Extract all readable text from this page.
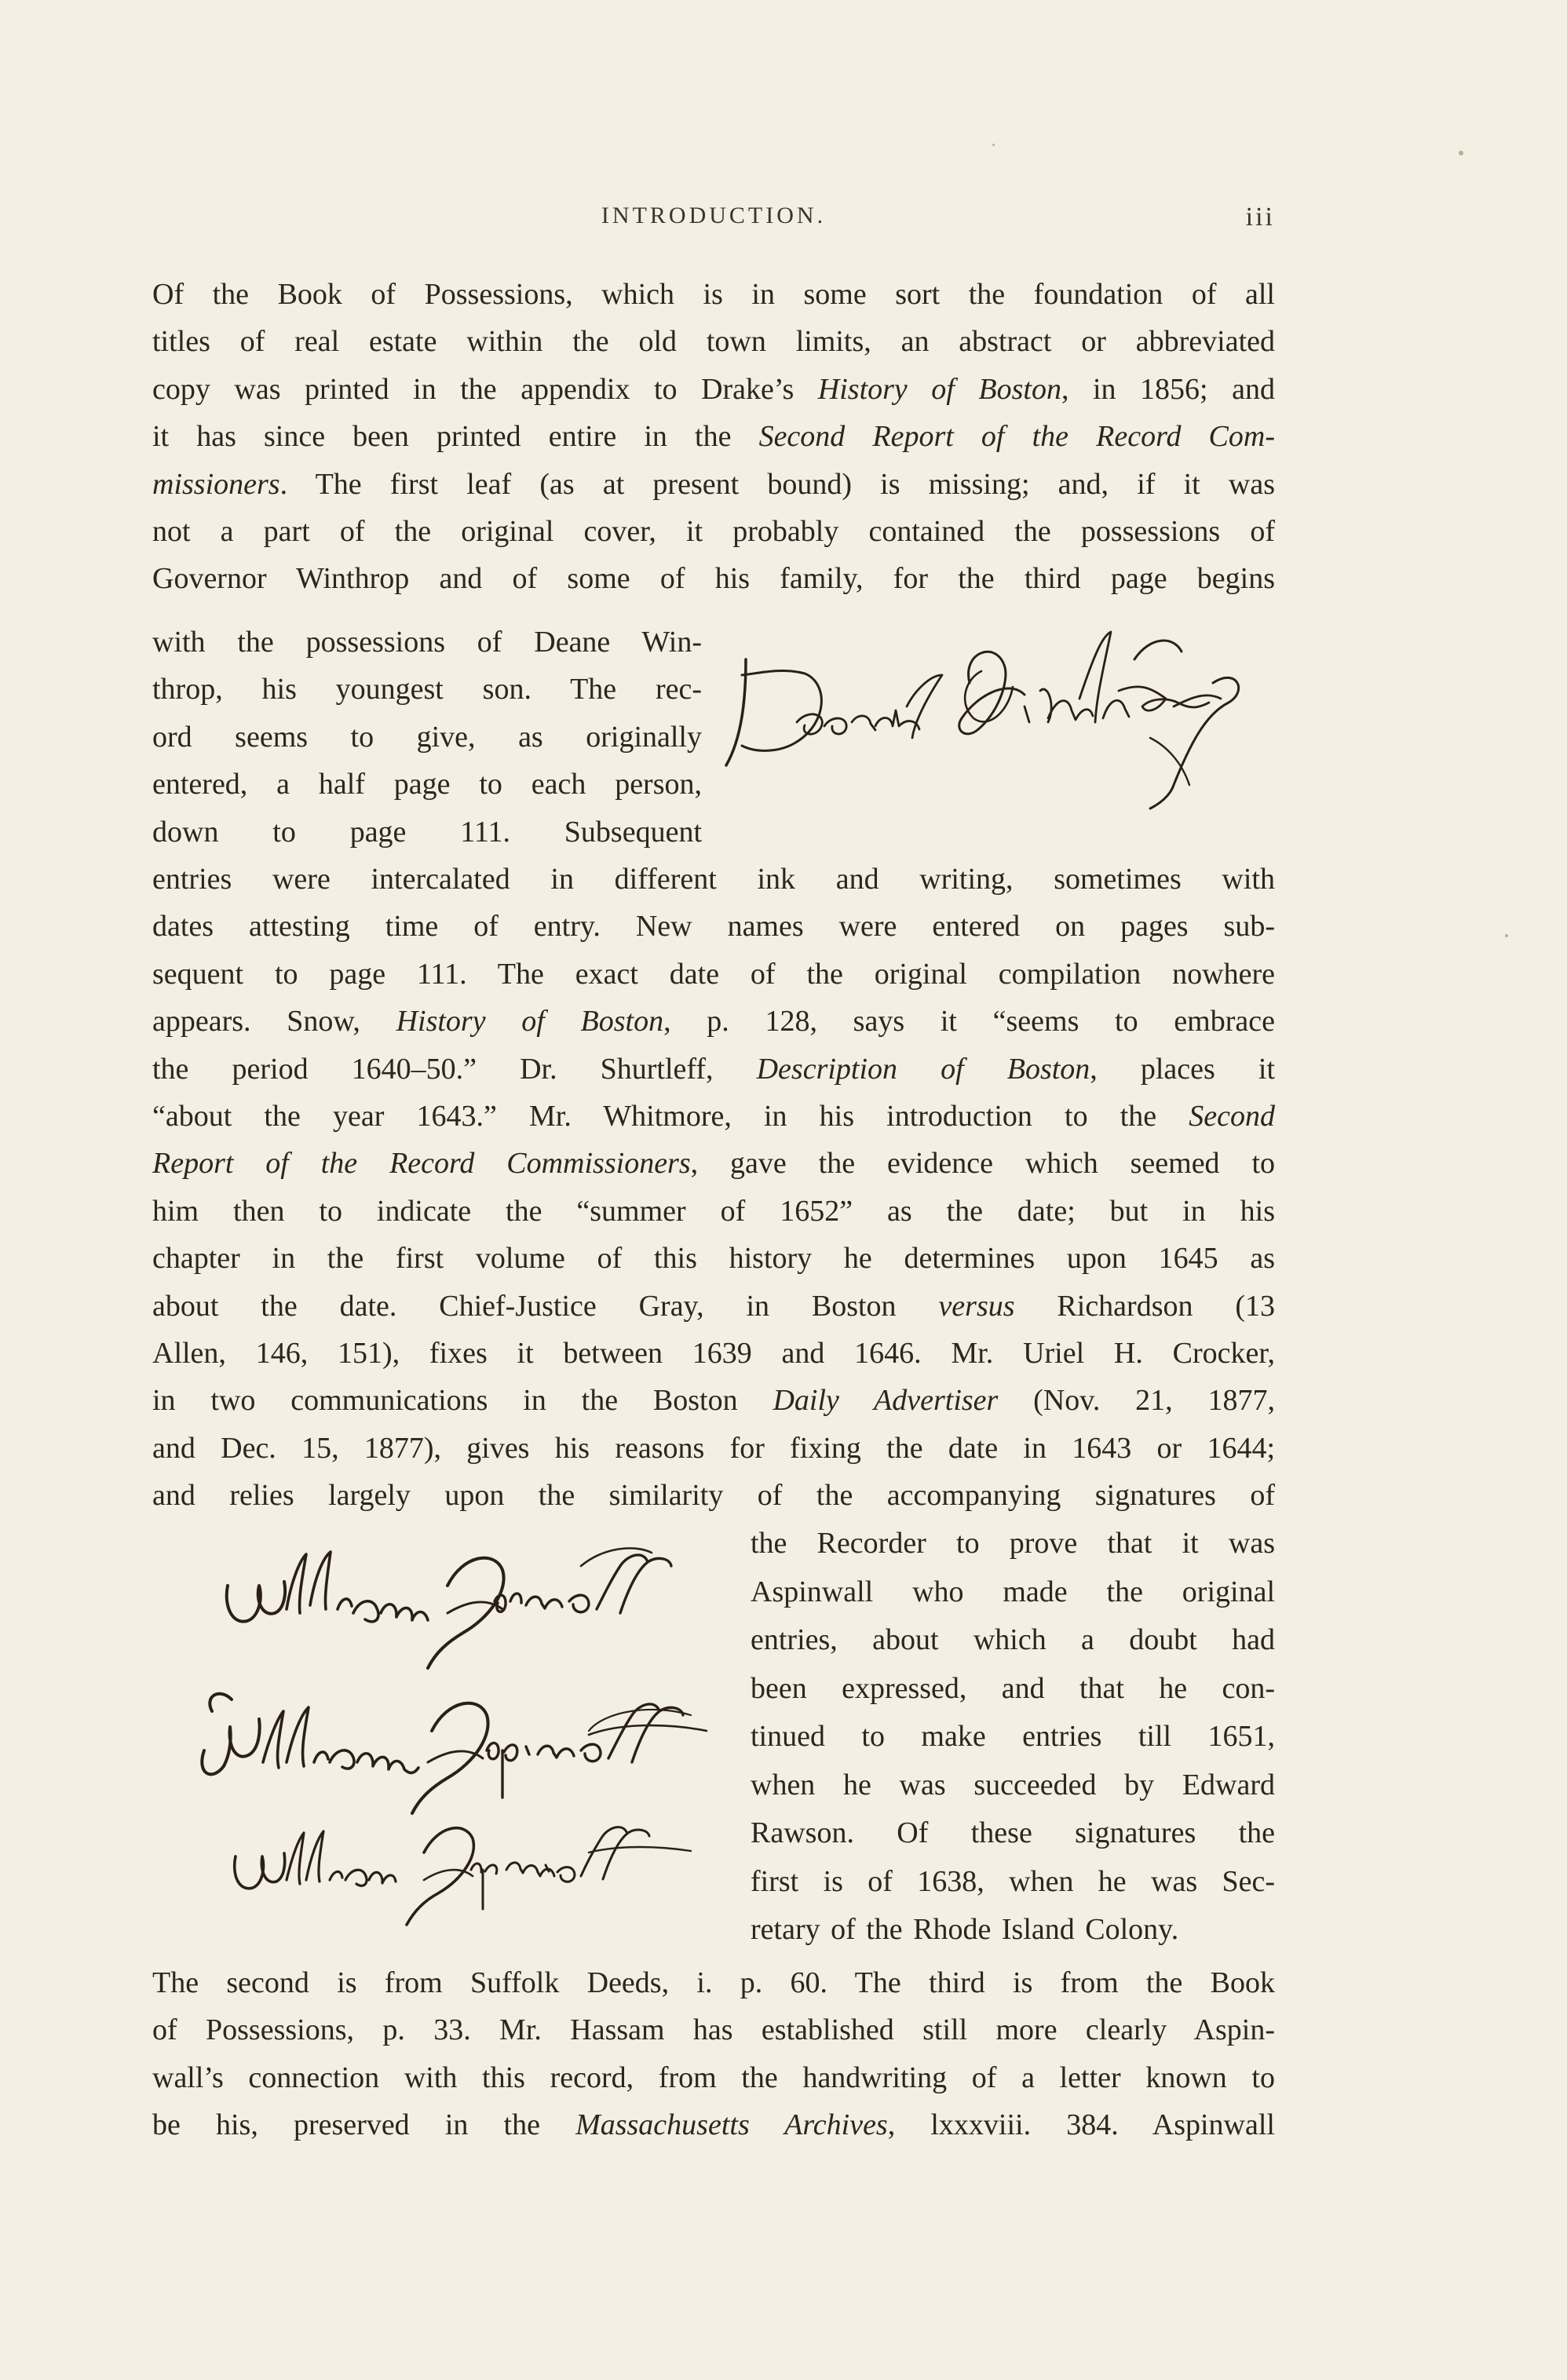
INTRODUCTION.	iii
Of the Book of Possessions, which is in some sort the foundation of all
titles of real estate within the old town limits, an abstract or abbreviated
copy was printed in the appendix to Drake’s History of Boston, in 1856; and
it has since been printed entire in the Second Report of the Record Com-
missioners. The first leaf (as at present bound) is missing; and, if it was
not a part of the original cover, it probably contained the possessions of
Governor Winthrop and of some of his family, for the third page begins
with the possessions of Deane Win-
throp, his youngest son. The rec-
ord seems to give, as originally
entered, a half page to each person,
down to page 111. Subsequent
entries were intercalated in different ink and writing, sometimes with
dates attesting time of entry. New names were entered on pages sub-
sequent to page 111. The exact date of the original compilation nowhere
appears. Snow, History of Boston, p. 128, says it “seems to embrace
the period 1640–50.” Dr. Shurtleff, Description of Boston, places it
“about the year 1643.” Mr. Whitmore, in his introduction to the Second
Report of the Record Commissioners, gave the evidence which seemed to
him then to indicate the “summer of 1652” as the date; but in his
chapter in the first volume of this history he determines upon 1645 as
about the date. Chief-Justice Gray, in Boston versus Richardson (13
Allen, 146, 151), fixes it between 1639 and 1646. Mr. Uriel H. Crocker,
in two communications in the Boston Daily Advertiser (Nov. 21, 1877,
and Dec. 15, 1877), gives his reasons for fixing the date in 1643 or 1644;
and relies largely upon the similarity of the accompanying signatures of
the Recorder to prove that it was
Aspinwall who made the original
entries, about which a doubt had
been expressed, and that he con-
tinued to make entries till 1651,
when he was succeeded by Edward
Rawson. Of these signatures the
first is of 1638, when he was Sec-
retary of the Rhode Island Colony.
The second is from Suffolk Deeds, i. p. 60. The third is from the Book
of Possessions, p. 33. Mr. Hassam has established still more clearly Aspin-
wall’s connection with this record, from the handwriting of a letter known to
be his, preserved in the Massachusetts Archives, lxxxviii. 384. Aspinwall
